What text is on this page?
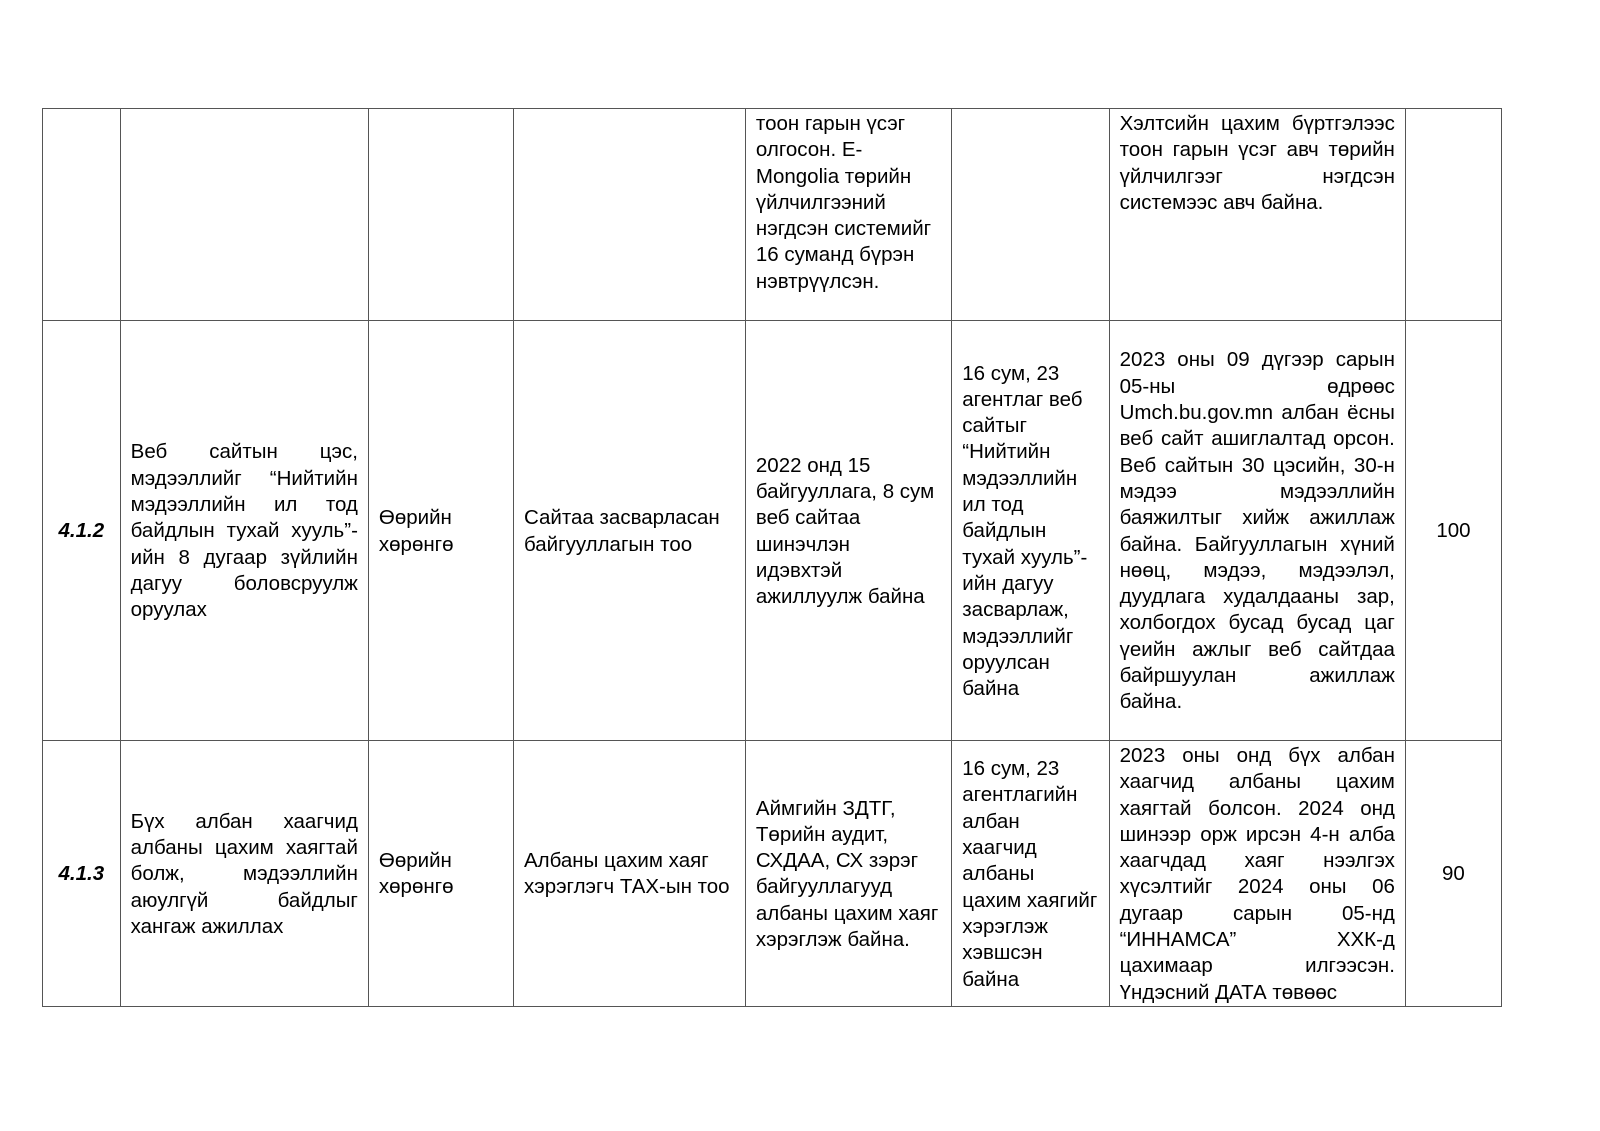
				тоон гарын үсэг олгосон. E-Mongolia төрийн үйлчилгээний нэгдсэн системийг 16 суманд бүрэн нэвтрүүлсэн.		Хэлтсийн цахим бүртгэлээс тоон гарын үсэг авч төрийн үйлчилгээг нэгдсэн системээс авч байна.	
4.1.2	Веб сайтын цэс, мэдээллийг “Нийтийн мэдээллийн ил тод байдлын тухай хууль”-ийн 8 дугаар зүйлийн дагуу боловсруулж оруулах	Өөрийн хөрөнгө	Сайтаа засварласан байгууллагын тоо	2022 онд 15 байгууллага, 8 сум веб сайтаа шинэчлэн идэвхтэй ажиллуулж байна	16 сум, 23 агентлаг веб сайтыг “Нийтийн мэдээллийн ил тод байдлын тухай хууль”-ийн дагуу засварлаж, мэдээллийг оруулсан байна	2023 оны 09 дүгээр сарын 05-ны өдрөөс Umch.bu.gov.mn албан ёсны веб сайт ашиглалтад орсон. Веб сайтын 30 цэсийн, 30-н мэдээ мэдээллийн баяжилтыг хийж ажиллаж байна. Байгууллагын хүний нөөц, мэдээ, мэдээлэл, дуудлага худалдааны зар, холбогдох бусад бусад цаг үеийн ажлыг веб сайтдаа байршуулан ажиллаж байна.	100
4.1.3	Бүх албан хаагчид албаны цахим хаягтай болж, мэдээллийн аюулгүй байдлыг хангаж ажиллах	Өөрийн хөрөнгө	Албаны цахим хаяг хэрэглэгч ТАХ-ын тоо	Аймгийн ЗДТГ, Төрийн аудит, СХДАА, СХ зэрэг байгууллагууд албаны цахим хаяг хэрэглэж байна.	16 сум, 23 агентлагийн албан хаагчид албаны цахим хаягийг хэрэглэж хэвшсэн байна	2023 оны онд бүх албан хаагчид албаны цахим хаягтай болсон. 2024 онд шинээр орж ирсэн 4-н алба хаагчдад хаяг нээлгэх хүсэлтийг 2024 оны 06 дугаар сарын 05-нд “ИННАМСА” ХХК-д цахимаар илгээсэн. Үндэсний ДАТА төвөөс	90
